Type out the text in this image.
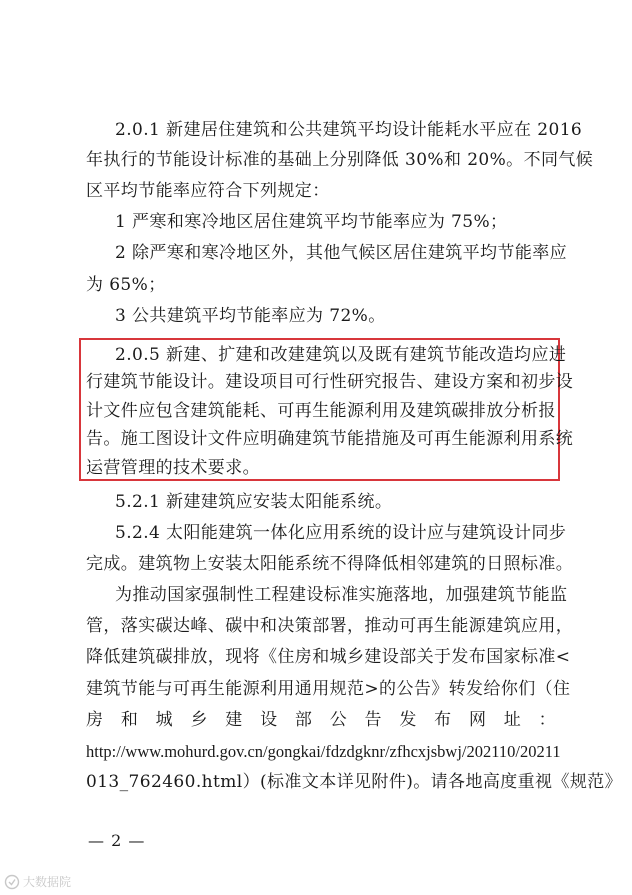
2.0.1 新建居住建筑和公共建筑平均设计能耗水平应在 2016
年执行的节能设计标准的基础上分别降低 30%和 20%。不同气候
区平均节能率应符合下列规定：
1 严寒和寒冷地区居住建筑平均节能率应为 75%；
2 除严寒和寒冷地区外，其他气候区居住建筑平均节能率应
为 65%；
3 公共建筑平均节能率应为 72%。
2.0.5 新建、扩建和改建建筑以及既有建筑节能改造均应进
行建筑节能设计。建设项目可行性研究报告、建设方案和初步设
计文件应包含建筑能耗、可再生能源利用及建筑碳排放分析报
告。施工图设计文件应明确建筑节能措施及可再生能源利用系统
运营管理的技术要求。
5.2.1 新建建筑应安装太阳能系统。
5.2.4 太阳能建筑一体化应用系统的设计应与建筑设计同步
完成。建筑物上安装太阳能系统不得降低相邻建筑的日照标准。
为推动国家强制性工程建设标准实施落地，加强建筑节能监
管，落实碳达峰、碳中和决策部署，推动可再生能源建筑应用，
降低建筑碳排放，现将《住房和城乡建设部关于发布国家标准<
建筑节能与可再生能源利用通用规范>的公告》转发给你们（住
房 和 城 乡 建 设 部 公 告 发 布 网 址 ：
http://www.mohurd.gov.cn/gongkai/fdzdgknr/zfhcxjsbwj/202110/20211
013_762460.html）(标准文本详见附件)。请各地高度重视《规范》
— 2 —
大数据院
